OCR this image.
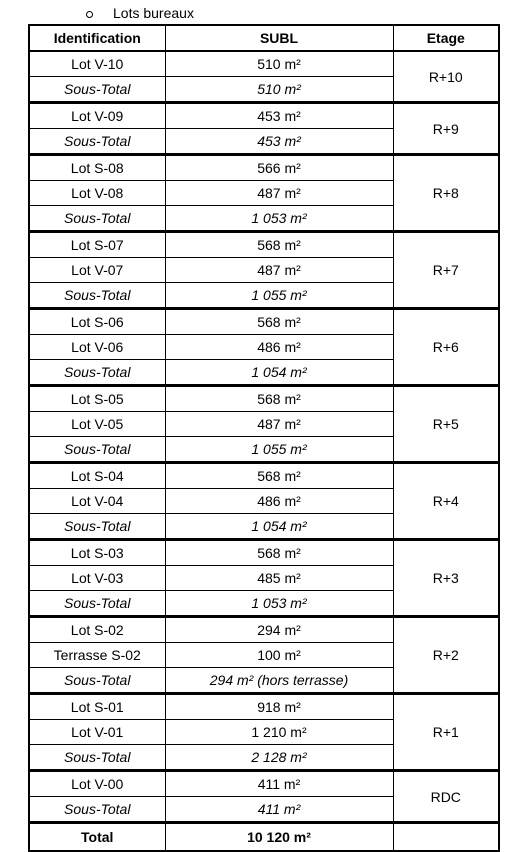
Lots bureaux
Identification	SUBL	Etage
Lot V-10	510 m²	R+10
Sous-Total	510 m²	
Lot V-09	453 m²	R+9
Sous-Total	453 m²	
Lot S-08	566 m²	R+8
Lot V-08	487 m²	
Sous-Total	1 053 m²	
Lot S-07	568 m²	R+7
Lot V-07	487 m²	
Sous-Total	1 055 m²	
Lot S-06	568 m²	R+6
Lot V-06	486 m²	
Sous-Total	1 054 m²	
Lot S-05	568 m²	R+5
Lot V-05	487 m²	
Sous-Total	1 055 m²	
Lot S-04	568 m²	R+4
Lot V-04	486 m²	
Sous-Total	1 054 m²	
Lot S-03	568 m²	R+3
Lot V-03	485 m²	
Sous-Total	1 053 m²	
Lot S-02	294 m²	R+2
Terrasse S-02	100 m²	
Sous-Total	294 m² (hors terrasse)	
Lot S-01	918 m²	R+1
Lot V-01	1 210 m²	
Sous-Total	2 128 m²	
Lot V-00	411 m²	RDC
Sous-Total	411 m²	
Total	10 120 m²	
